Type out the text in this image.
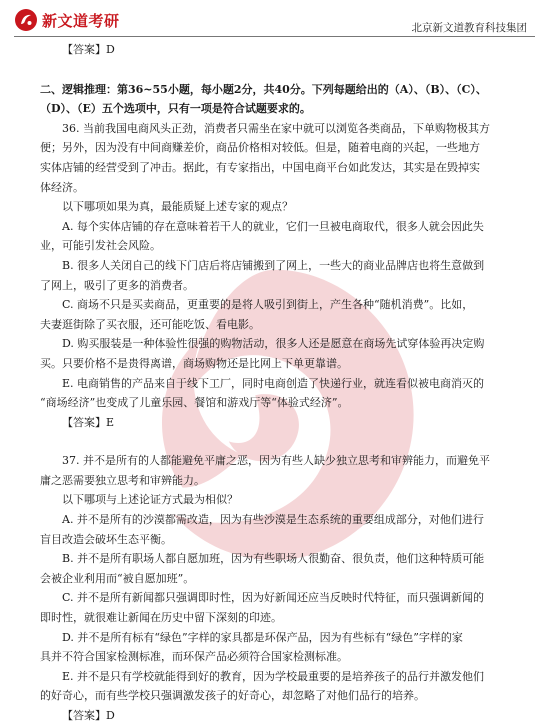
新文道考研	北京新文道教育科技集团
【答案】D
二、逻辑推理：第36~55小题，每小题2分，共40分。下列每题给出的（A）、（B）、（C）、
（D）、（E）五个选项中，只有一项是符合试题要求的。
36. 当前我国电商风头正劲，消费者只需坐在家中就可以浏览各类商品，下单购物极其方
便；另外，因为没有中间商赚差价，商品价格相对较低。但是，随着电商的兴起，一些地方
实体店铺的经营受到了冲击。据此，有专家指出，中国电商平台如此发达，其实是在毁掉实
体经济。
以下哪项如果为真，最能质疑上述专家的观点？
A. 每个实体店铺的存在意味着若干人的就业，它们一旦被电商取代，很多人就会因此失
业，可能引发社会风险。
B. 很多人关闭自己的线下门店后将店铺搬到了网上，一些大的商业品牌店也将生意做到
了网上，吸引了更多的消费者。
C. 商场不只是买卖商品，更重要的是将人吸引到街上，产生各种“随机消费”。比如，
夫妻逛街除了买衣服，还可能吃饭、看电影。
D. 购买服装是一种体验性很强的购物活动，很多人还是愿意在商场先试穿体验再决定购
买。只要价格不是贵得离谱，商场购物还是比网上下单更靠谱。
E. 电商销售的产品来自于线下工厂，同时电商创造了快递行业，就连看似被电商消灭的
“商场经济”也变成了儿童乐园、餐馆和游戏厅等“体验式经济”。
【答案】E
37. 并不是所有的人都能避免平庸之恶，因为有些人缺少独立思考和审辨能力，而避免平
庸之恶需要独立思考和审辨能力。
以下哪项与上述论证方式最为相似？
A. 并不是所有的沙漠都需改造，因为有些沙漠是生态系统的重要组成部分，对他们进行
盲目改造会破坏生态平衡。
B. 并不是所有职场人都自愿加班，因为有些职场人很勤奋、很负责，他们这种特质可能
会被企业利用而“被自愿加班”。
C. 并不是所有新闻都只强调即时性，因为好新闻还应当反映时代特征，而只强调新闻的
即时性，就很难让新闻在历史中留下深刻的印迹。
D. 并不是所有标有“绿色”字样的家具都是环保产品，因为有些标有“绿色”字样的家
具并不符合国家检测标准，而环保产品必须符合国家检测标准。
E. 并不是只有学校就能得到好的教育，因为学校最重要的是培养孩子的品行并激发他们
的好奇心，而有些学校只强调激发孩子的好奇心，却忽略了对他们品行的培养。
【答案】D
